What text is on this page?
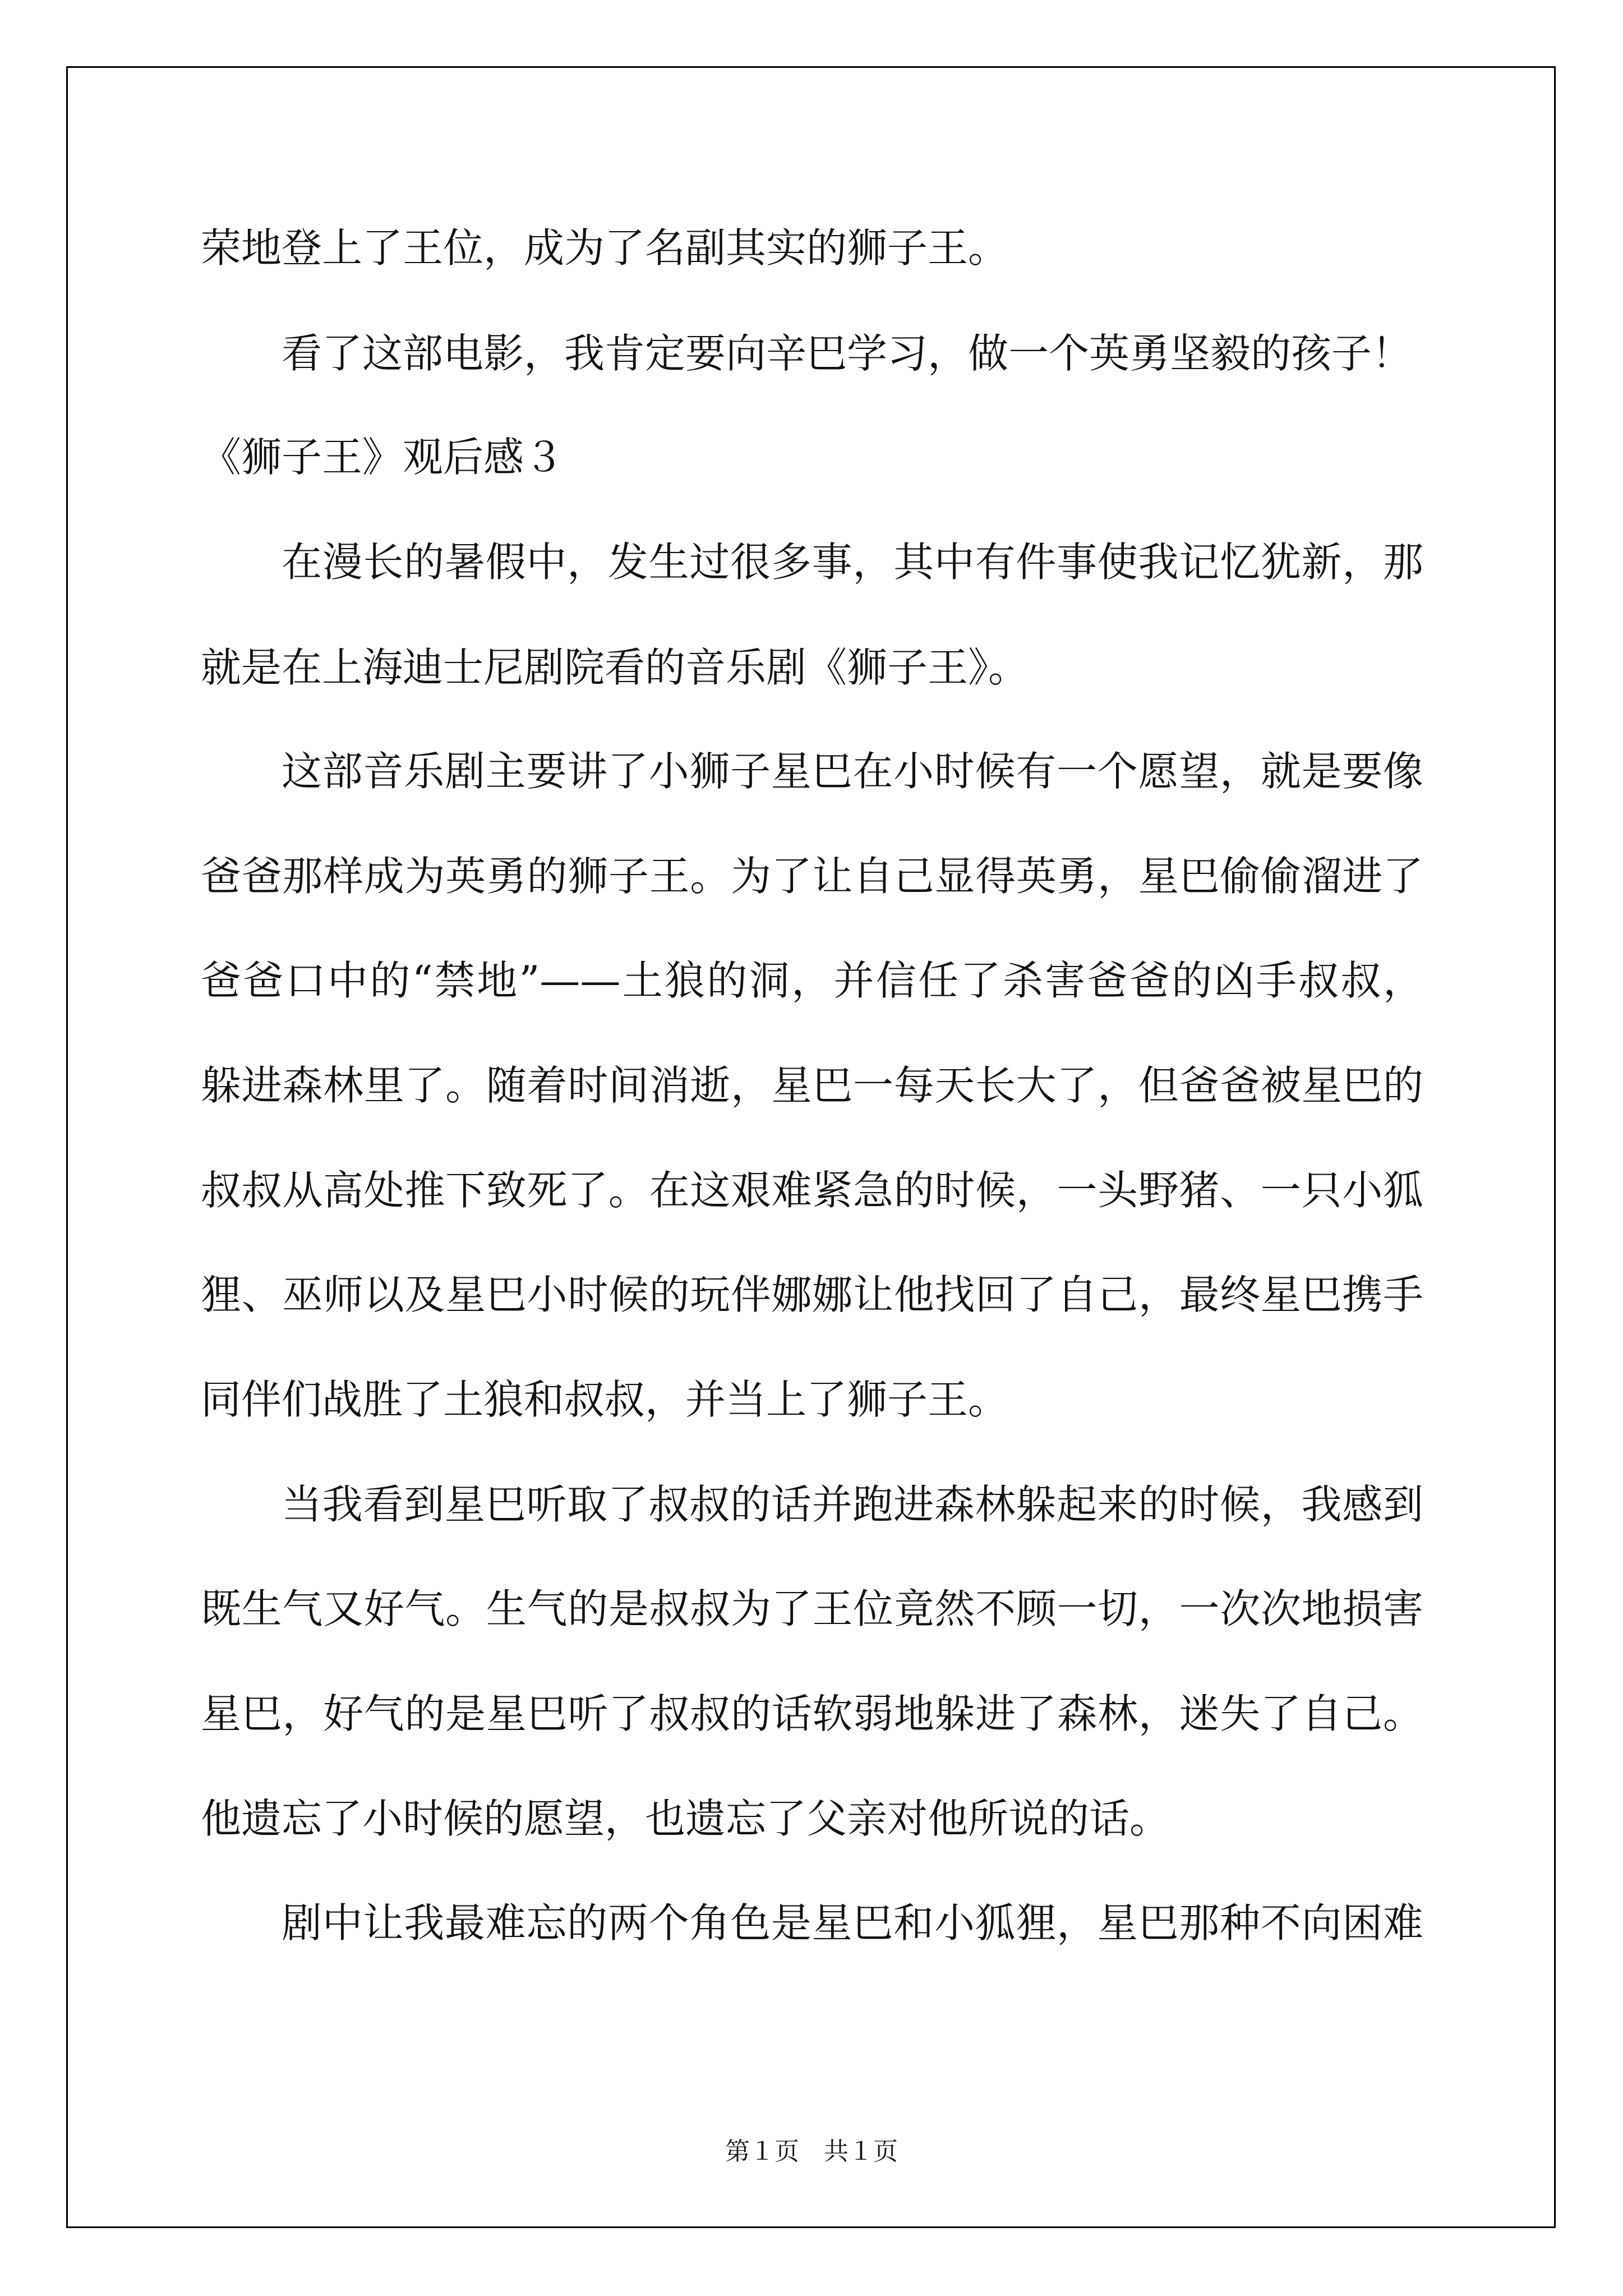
荣地登上了王位，成为了名副其实的狮子王。
看了这部电影，我肯定要向辛巴学习，做一个英勇坚毅的孩子！
《狮子王》观后感３
在漫长的暑假中，发生过很多事，其中有件事使我记忆犹新，那
就是在上海迪士尼剧院看的音乐剧《狮子王》。
这部音乐剧主要讲了小狮子星巴在小时候有一个愿望，就是要像
爸爸那样成为英勇的狮子王。为了让自己显得英勇，星巴偷偷溜进了
爸爸口中的“禁地”——土狼的洞，并信任了杀害爸爸的凶手叔叔，
躲进森林里了。随着时间消逝，星巴一每天长大了，但爸爸被星巴的
叔叔从高处推下致死了。在这艰难紧急的时候，一头野猪、一只小狐
狸、巫师以及星巴小时候的玩伴娜娜让他找回了自己，最终星巴携手
同伴们战胜了土狼和叔叔，并当上了狮子王。
当我看到星巴听取了叔叔的话并跑进森林躲起来的时候，我感到
既生气又好气。生气的是叔叔为了王位竟然不顾一切，一次次地损害
星巴，好气的是星巴听了叔叔的话软弱地躲进了森林，迷失了自己。
他遗忘了小时候的愿望，也遗忘了父亲对他所说的话。
剧中让我最难忘的两个角色是星巴和小狐狸，星巴那种不向困难
第１页　共１页
